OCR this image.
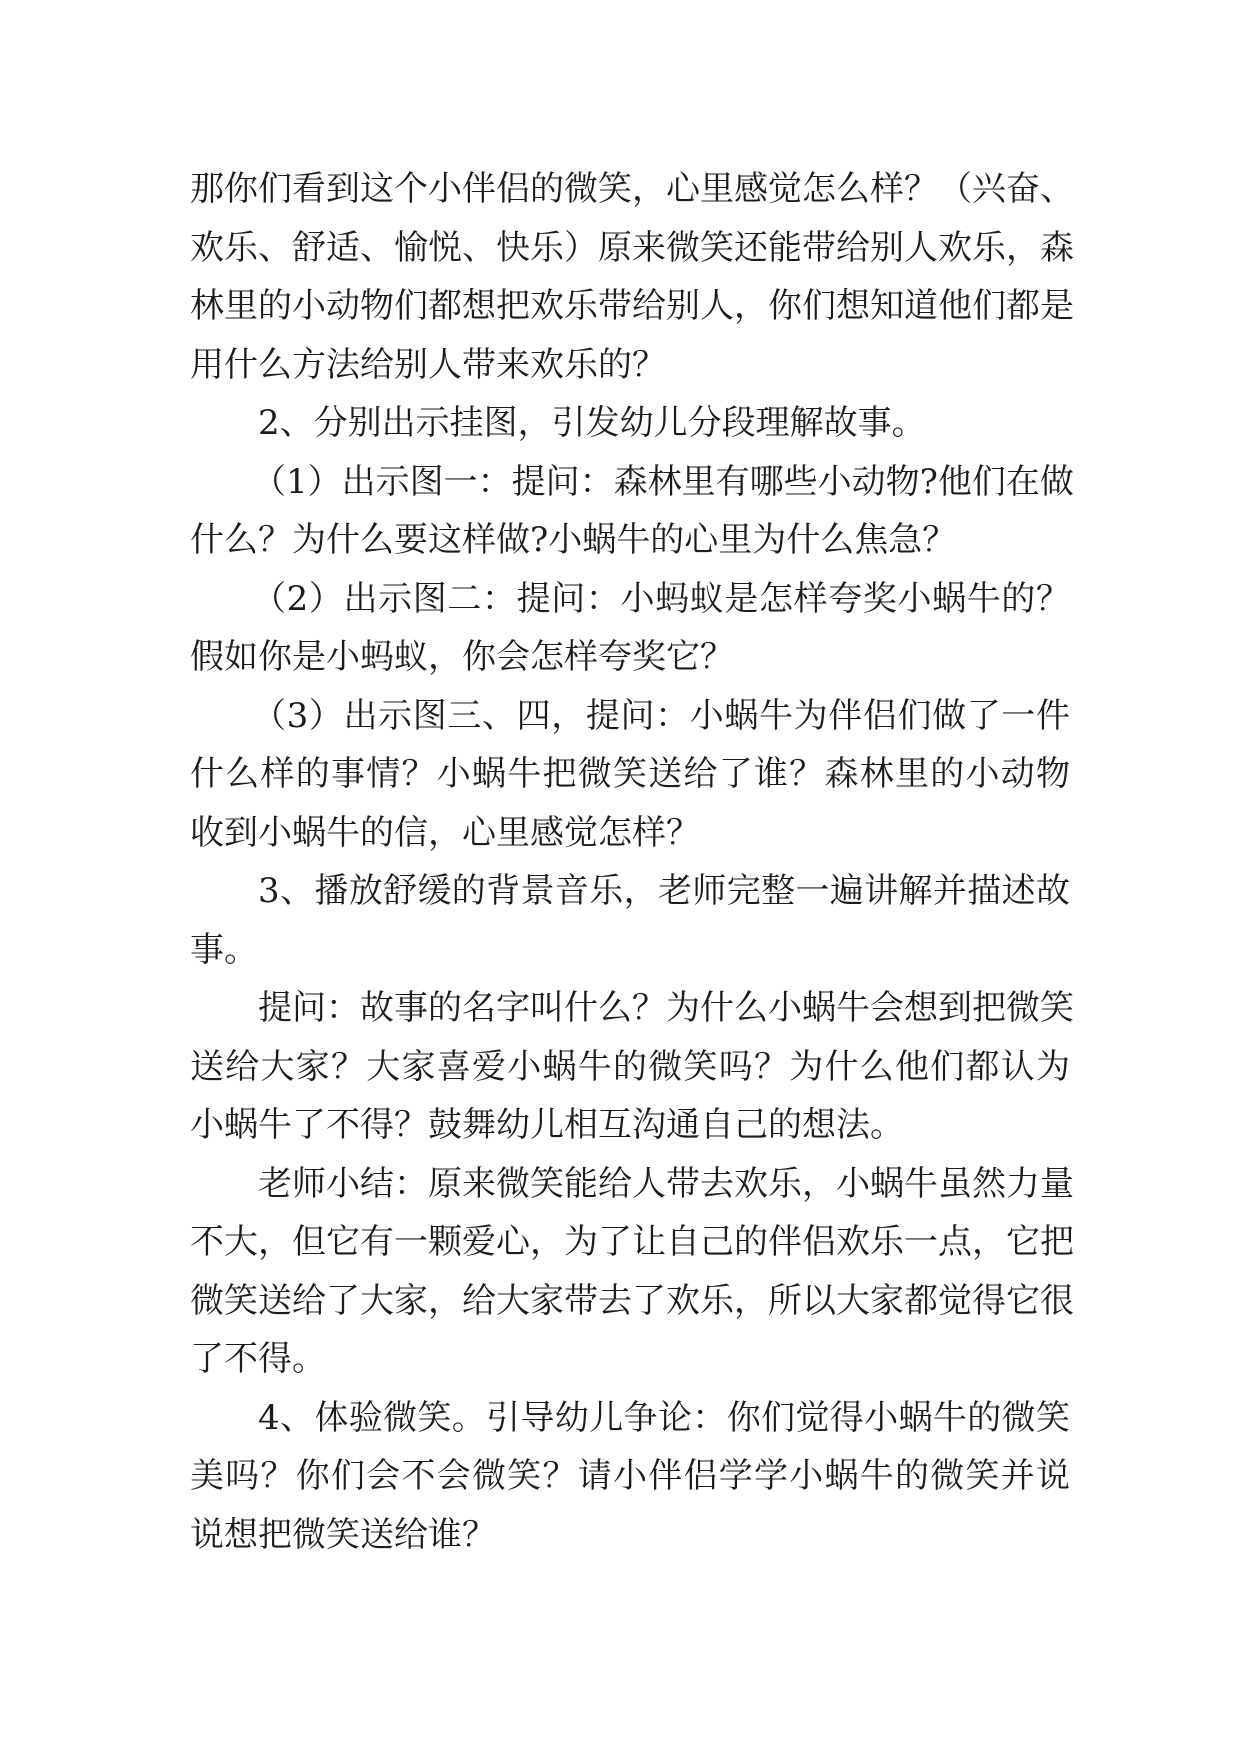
那你们看到这个小伴侣的微笑，心里感觉怎么样？（兴奋、
欢乐、舒适、愉悦、快乐）原来微笑还能带给别人欢乐，森
林里的小动物们都想把欢乐带给别人，你们想知道他们都是
用什么方法给别人带来欢乐的？
2、分别出示挂图，引发幼儿分段理解故事。
（1）出示图一：提问：森林里有哪些小动物?他们在做
什么？为什么要这样做?小蜗牛的心里为什么焦急？
（2）出示图二：提问：小蚂蚁是怎样夸奖小蜗牛的？
假如你是小蚂蚁，你会怎样夸奖它？
（3）出示图三、四，提问：小蜗牛为伴侣们做了一件
什么样的事情？小蜗牛把微笑送给了谁？森林里的小动物
收到小蜗牛的信，心里感觉怎样？
3、播放舒缓的背景音乐，老师完整一遍讲解并描述故
事。
提问：故事的名字叫什么？为什么小蜗牛会想到把微笑
送给大家？大家喜爱小蜗牛的微笑吗？为什么他们都认为
小蜗牛了不得？鼓舞幼儿相互沟通自己的想法。
老师小结：原来微笑能给人带去欢乐，小蜗牛虽然力量
不大，但它有一颗爱心，为了让自己的伴侣欢乐一点，它把
微笑送给了大家，给大家带去了欢乐，所以大家都觉得它很
了不得。
4、体验微笑。引导幼儿争论：你们觉得小蜗牛的微笑
美吗？你们会不会微笑？请小伴侣学学小蜗牛的微笑并说
说想把微笑送给谁？
